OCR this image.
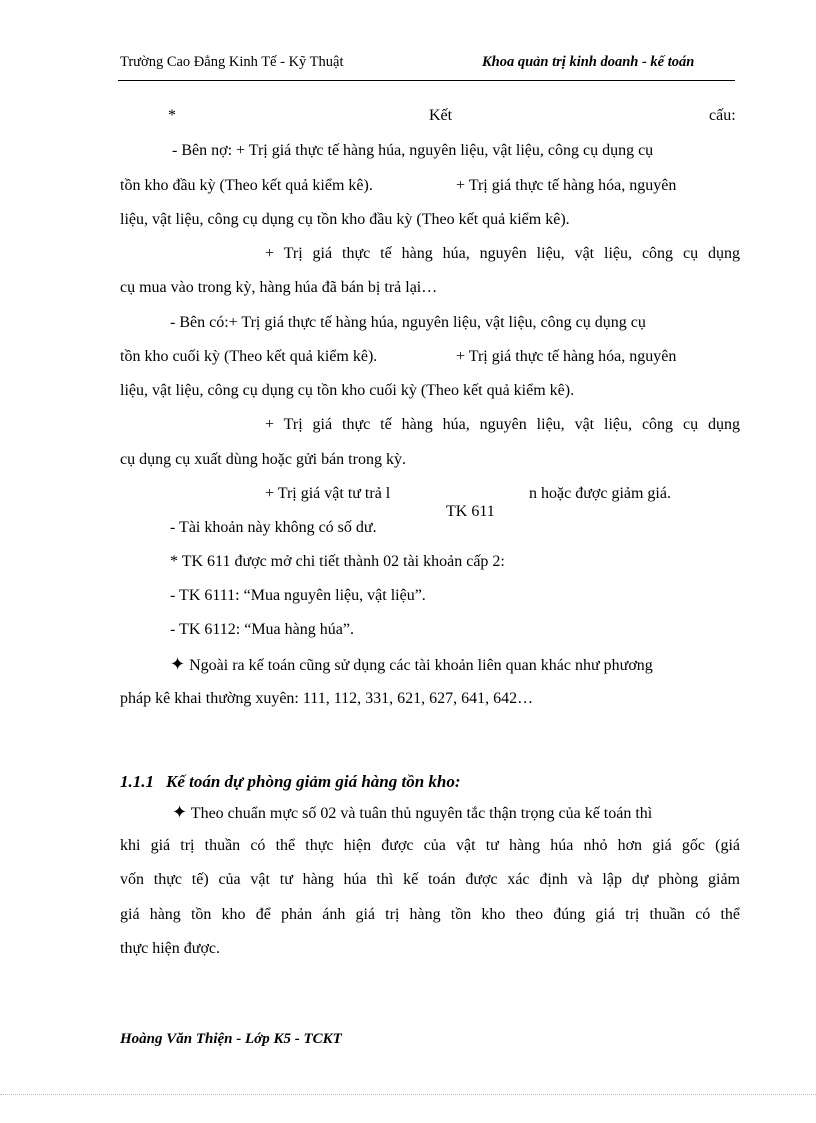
Trường Cao Đẳng Kinh Tế - Kỹ Thuật	Khoa quản trị kinh doanh - kế toán
*	Kết	cấu:
- Bên nợ: + Trị giá thực tế hàng húa, nguyên liệu, vật liệu, công cụ dụng cụ
tồn kho đầu kỳ (Theo kết quả kiểm kê).	+ Trị giá thực tế hàng hóa, nguyên
liệu, vật liệu, công cụ dụng cụ tồn kho đầu kỳ (Theo kết quả kiểm kê).
+ Trị giá thực tế hàng húa, nguyên liệu, vật liệu, công cụ dụng
cụ mua vào trong kỳ, hàng húa đã bán bị trả lại…
- Bên có:+ Trị giá thực tế hàng húa, nguyên liệu, vật liệu, công cụ dụng cụ
tồn kho cuối kỳ (Theo kết quả kiểm kê).	+ Trị giá thực tế hàng hóa, nguyên
liệu, vật liệu, công cụ dụng cụ tồn kho cuối kỳ (Theo kết quả kiểm kê).
+ Trị giá thực tế hàng húa, nguyên liệu, vật liệu, công cụ dụng
cụ dụng cụ xuất dùng hoặc gửi bán trong kỳ.
+ Trị giá vật tư trả l	n hoặc được giảm giá.
TK 611
- Tài khoản này không có số dư.
* TK 611 được mở chi tiết thành 02 tài khoản cấp 2:
- TK 6111: “Mua nguyên liệu, vật liệu”.
- TK 6112: “Mua hàng húa”.
✦ Ngoài ra kế toán cũng sử dụng các tài khoản liên quan khác như phương
pháp kê khai thường xuyên: 111, 112, 331, 621, 627, 641, 642…
1.1.1 Kế toán dự phòng giảm giá hàng tồn kho:
✦ Theo chuẩn mực số 02 và tuân thủ nguyên tắc thận trọng của kế toán thì
khi giá trị thuần có thể thực hiện được của vật tư hàng húa nhỏ hơn giá gốc (giá
vốn thực tế) của vật tư hàng húa thì kế toán được xác định và lập dự phòng giảm
giá hàng tồn kho để phản ánh giá trị hàng tồn kho theo đúng giá trị thuần có thể
thực hiện được.
Hoàng Văn Thiện - Lớp K5 - TCKT
